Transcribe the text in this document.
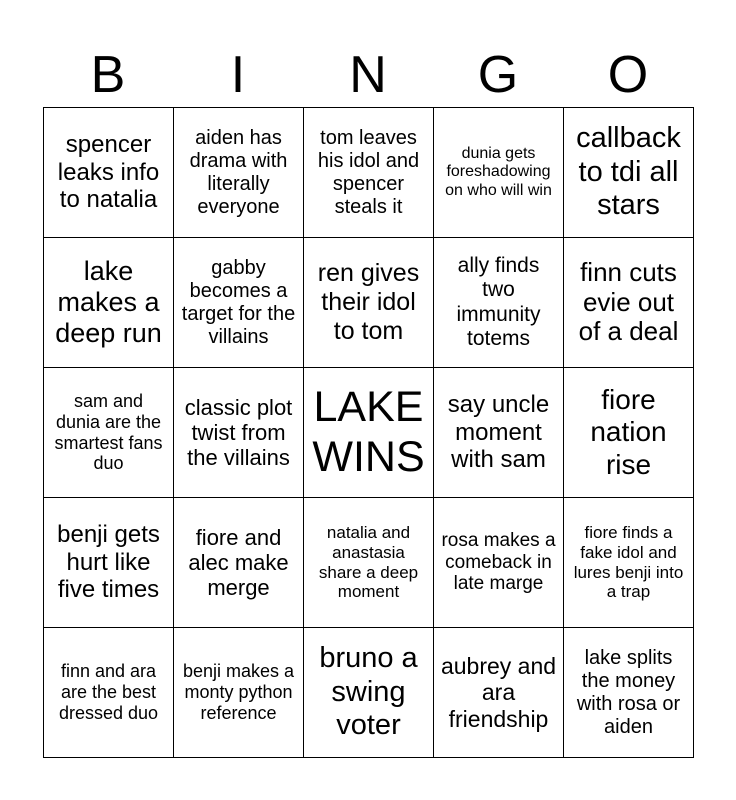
B	I	N	G	O
spencer leaks info to natalia	aiden has drama with literally everyone	tom leaves his idol and spencer steals it	dunia gets foreshadowing on who will win	callback to tdi all stars
lake makes a deep run	gabby becomes a target for the villains	ren gives their idol to tom	ally finds two immunity totems	finn cuts evie out of a deal
sam and dunia are the smartest fans duo	classic plot twist from the villains	LAKE WINS	say uncle moment with sam	fiore nation rise
benji gets hurt like five times	fiore and alec make merge	natalia and anastasia share a deep moment	rosa makes a comeback in late marge	fiore finds a fake idol and lures benji into a trap
finn and ara are the best dressed duo	benji makes a monty python reference	bruno a swing voter	aubrey and ara friendship	lake splits the money with rosa or aiden
